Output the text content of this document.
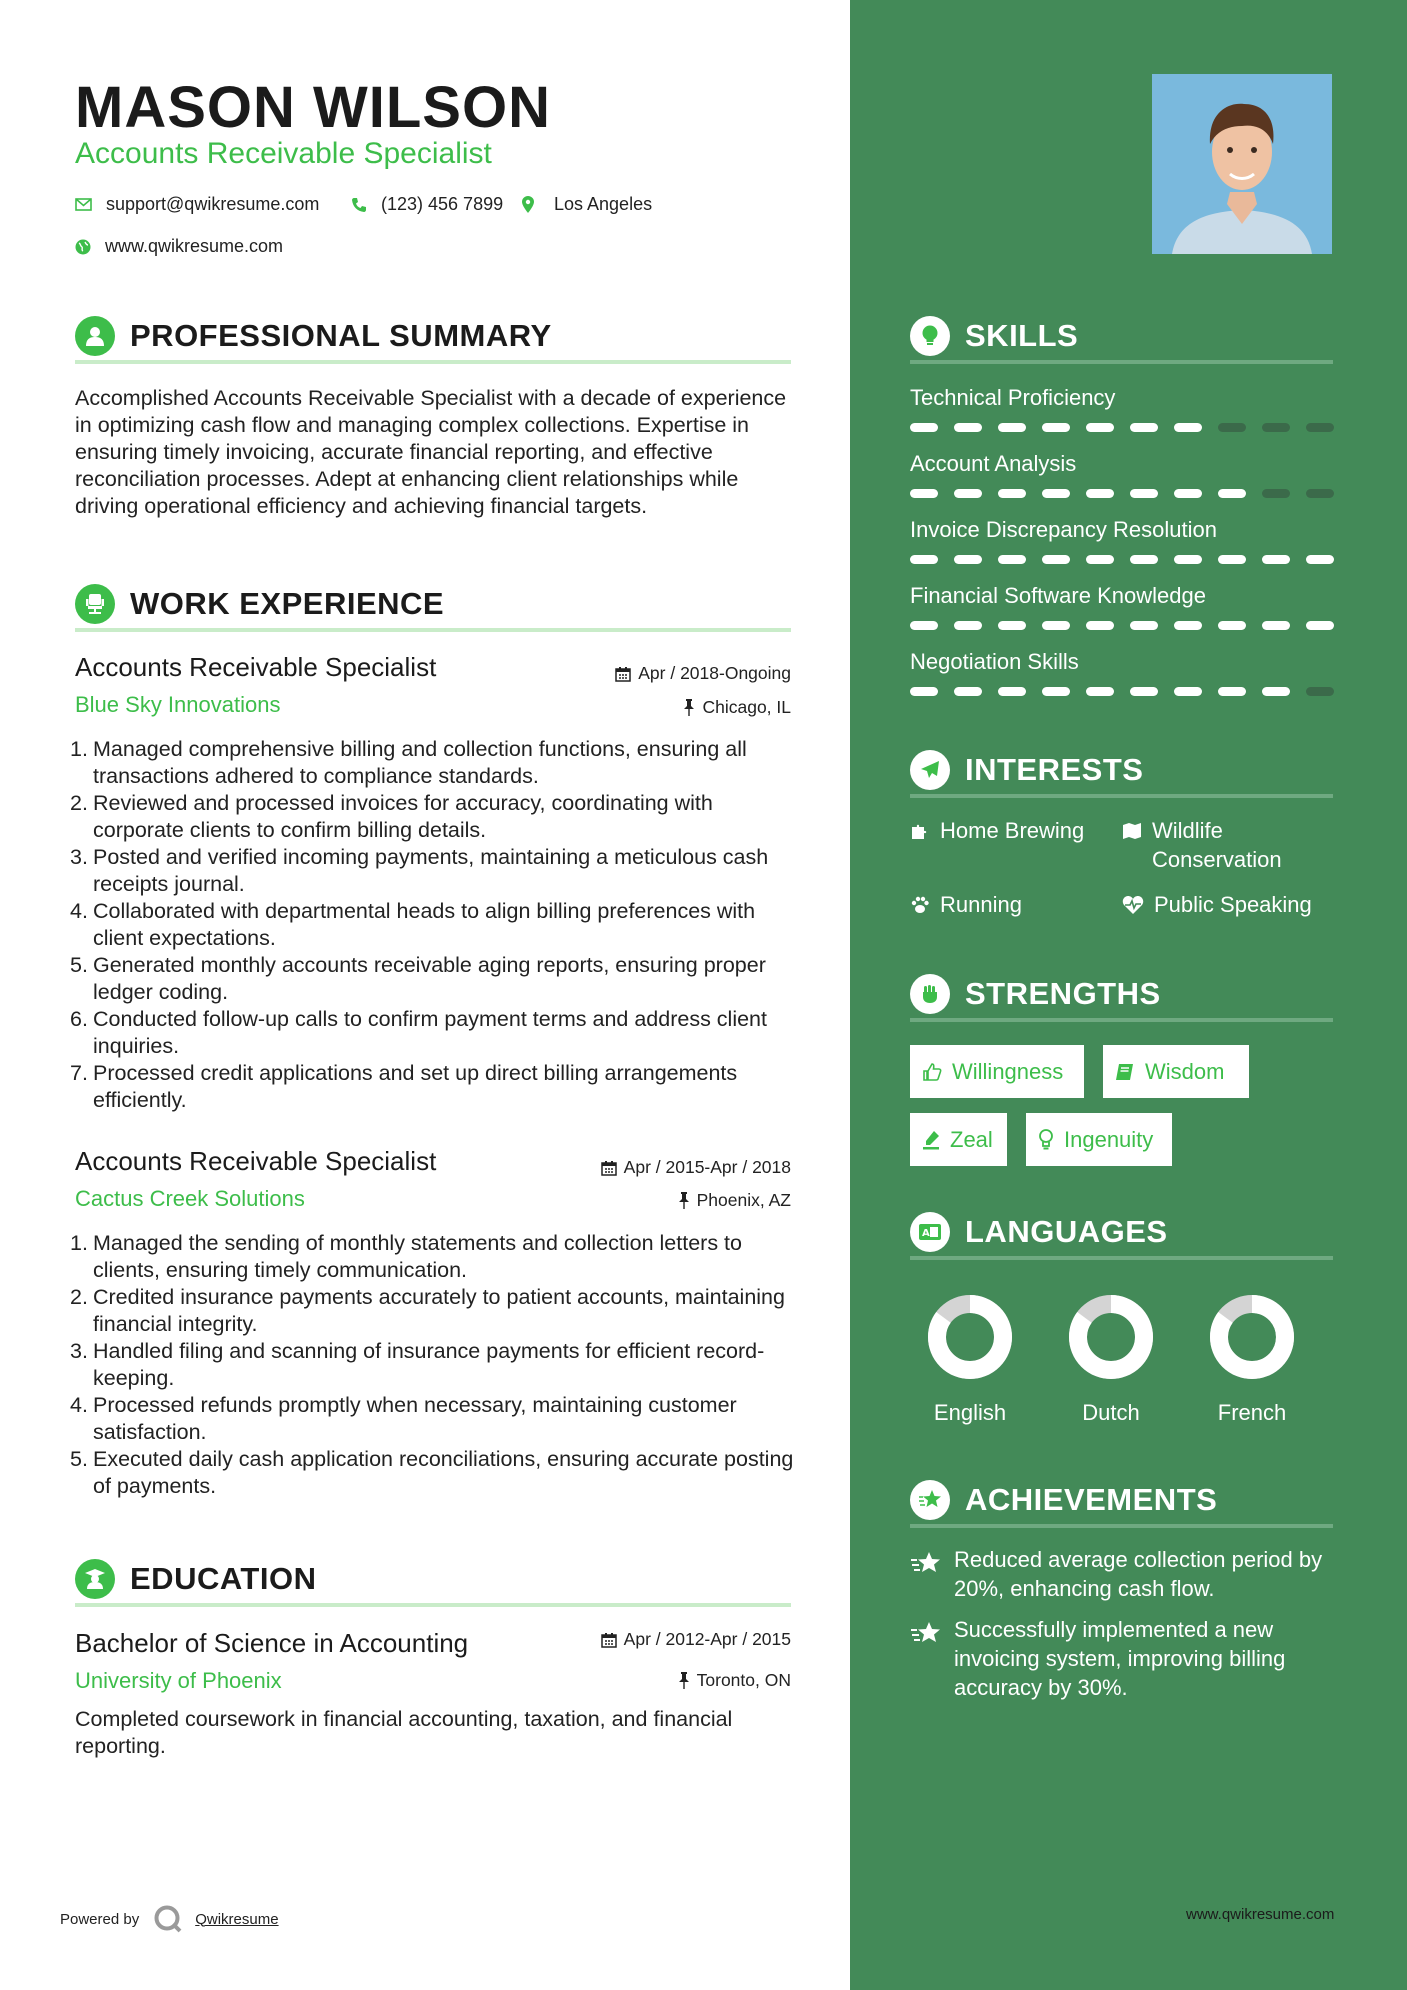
MASON WILSON
Accounts Receivable Specialist
support@qwikresume.com	(123) 456 7899	Los Angeles
www.qwikresume.com
PROFESSIONAL SUMMARY
Accomplished Accounts Receivable Specialist with a decade of experience in optimizing cash flow and managing complex collections. Expertise in ensuring timely invoicing, accurate financial reporting, and effective reconciliation processes. Adept at enhancing client relationships while driving operational efficiency and achieving financial targets.
WORK EXPERIENCE
Accounts Receivable Specialist
Blue Sky Innovations
Apr / 2018-Ongoing
Chicago, IL
1. Managed comprehensive billing and collection functions, ensuring all transactions adhered to compliance standards.
2. Reviewed and processed invoices for accuracy, coordinating with corporate clients to confirm billing details.
3. Posted and verified incoming payments, maintaining a meticulous cash receipts journal.
4. Collaborated with departmental heads to align billing preferences with client expectations.
5. Generated monthly accounts receivable aging reports, ensuring proper ledger coding.
6. Conducted follow-up calls to confirm payment terms and address client inquiries.
7. Processed credit applications and set up direct billing arrangements efficiently.
Accounts Receivable Specialist
Cactus Creek Solutions
Apr / 2015-Apr / 2018
Phoenix, AZ
1. Managed the sending of monthly statements and collection letters to clients, ensuring timely communication.
2. Credited insurance payments accurately to patient accounts, maintaining financial integrity.
3. Handled filing and scanning of insurance payments for efficient record-keeping.
4. Processed refunds promptly when necessary, maintaining customer satisfaction.
5. Executed daily cash application reconciliations, ensuring accurate posting of payments.
EDUCATION
Bachelor of Science in Accounting
University of Phoenix
Apr / 2012-Apr / 2015
Toronto, ON
Completed coursework in financial accounting, taxation, and financial reporting.
Powered by	Qwikresume
SKILLS
Technical Proficiency
Account Analysis
Invoice Discrepancy Resolution
Financial Software Knowledge
Negotiation Skills
INTERESTS
Home Brewing	Wildlife Conservation
Running	Public Speaking
STRENGTHS
Willingness	Wisdom
Zeal	Ingenuity
A LANGUAGES
English	Dutch	French
ACHIEVEMENTS
Reduced average collection period by 20%, enhancing cash flow.
Successfully implemented a new invoicing system, improving billing accuracy by 30%.
www.qwikresume.com
